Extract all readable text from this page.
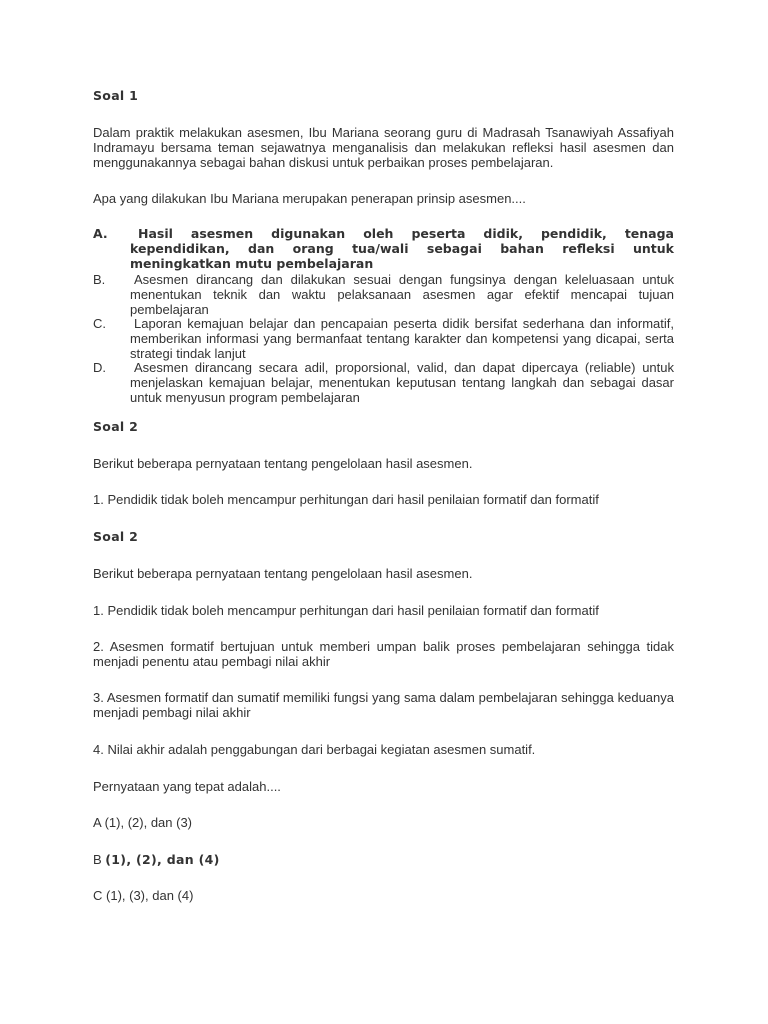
Soal 1
Dalam praktik melakukan asesmen, Ibu Mariana seorang guru di Madrasah Tsanawiyah Assafiyah Indramayu bersama teman sejawatnya menganalisis dan melakukan refleksi hasil asesmen dan menggunakannya sebagai bahan diskusi untuk perbaikan proses pembelajaran.
Apa yang dilakukan Ibu Mariana merupakan penerapan prinsip asesmen....
A.	Hasil asesmen digunakan oleh peserta didik, pendidik, tenaga kependidikan, dan orang tua/wali sebagai bahan refleksi untuk meningkatkan mutu pembelajaran
B.	Asesmen dirancang dan dilakukan sesuai dengan fungsinya dengan keleluasaan untuk menentukan teknik dan waktu pelaksanaan asesmen agar efektif mencapai tujuan pembelajaran
C.	Laporan kemajuan belajar dan pencapaian peserta didik bersifat sederhana dan informatif, memberikan informasi yang bermanfaat tentang karakter dan kompetensi yang dicapai, serta strategi tindak lanjut
D.	Asesmen dirancang secara adil, proporsional, valid, dan dapat dipercaya (reliable) untuk menjelaskan kemajuan belajar, menentukan keputusan tentang langkah dan sebagai dasar untuk menyusun program pembelajaran
Soal 2
Berikut beberapa pernyataan tentang pengelolaan hasil asesmen.
1. Pendidik tidak boleh mencampur perhitungan dari hasil penilaian formatif dan formatif
Soal 2
Berikut beberapa pernyataan tentang pengelolaan hasil asesmen.
1. Pendidik tidak boleh mencampur perhitungan dari hasil penilaian formatif dan formatif
2. Asesmen formatif bertujuan untuk memberi umpan balik proses pembelajaran sehingga tidak menjadi penentu atau pembagi nilai akhir
3. Asesmen formatif dan sumatif memiliki fungsi yang sama dalam pembelajaran sehingga keduanya menjadi pembagi nilai akhir
4. Nilai akhir adalah penggabungan dari berbagai kegiatan asesmen sumatif.
Pernyataan yang tepat adalah....
A (1), (2), dan (3)
B (1), (2), dan (4)
C (1), (3), dan (4)
